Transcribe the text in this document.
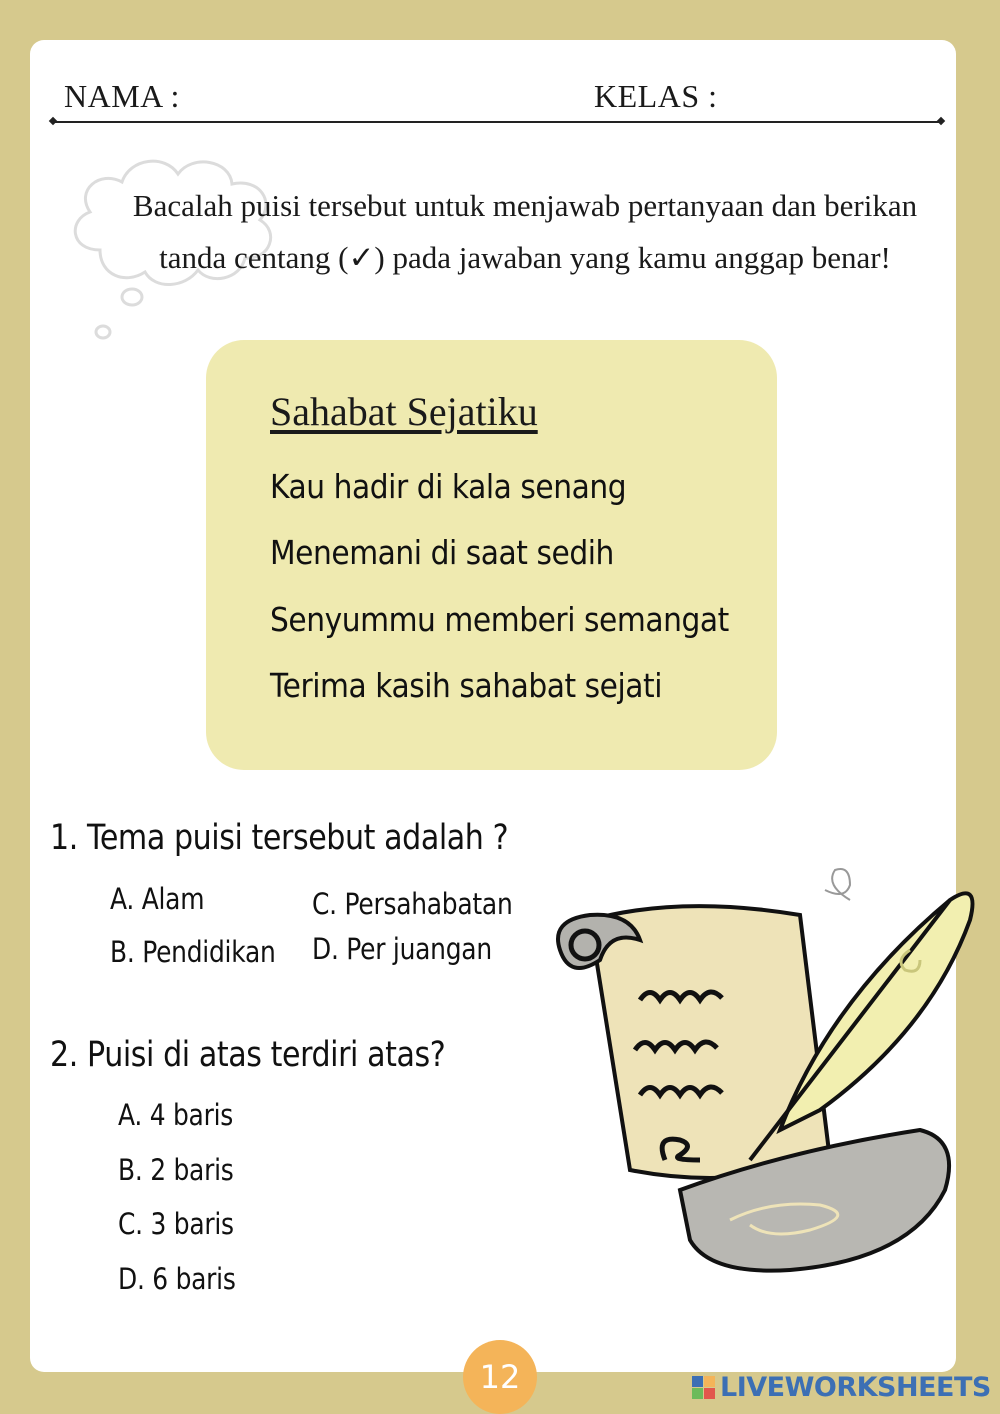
NAMA :	KELAS :
Bacalah puisi tersebut untuk menjawab pertanyaan dan berikan
tanda centang (✓) pada jawaban yang kamu anggap benar!
Sahabat Sejatiku
Kau hadir di kala senang
Menemani di saat sedih
Senyummu memberi semangat
Terima kasih sahabat sejati
1. Tema puisi tersebut adalah ?
A. Alam
B. Pendidikan
C. Persahabatan
D. Per juangan
2. Puisi di atas terdiri atas?
A. 4 baris
B. 2 baris
C. 3 baris
D. 6 baris
12	LIVEWORKSHEETS
